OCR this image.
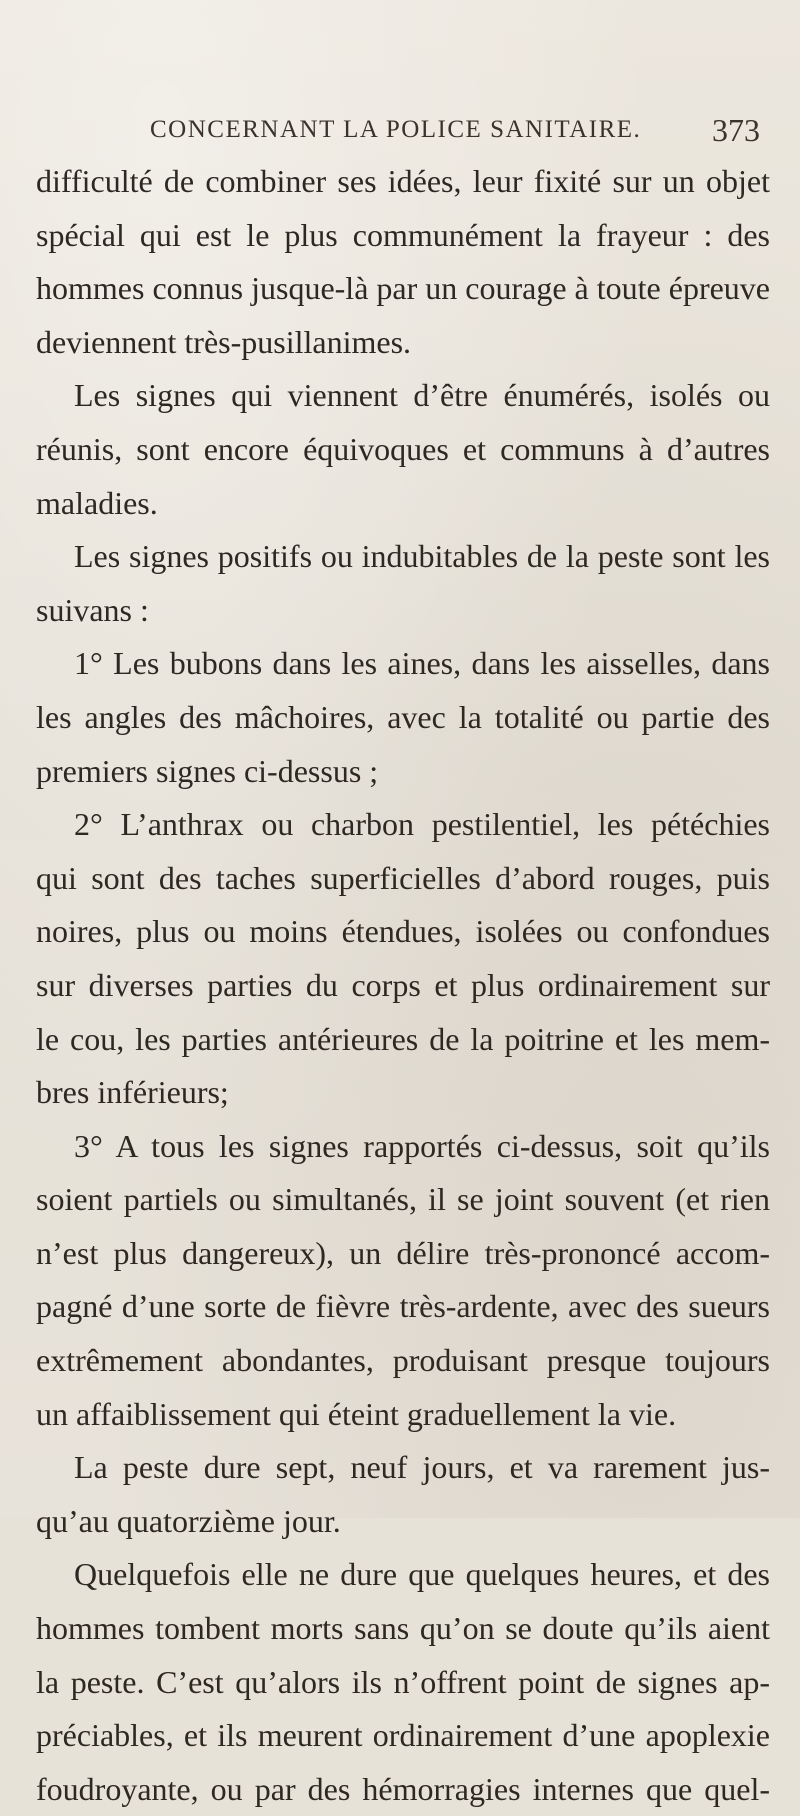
CONCERNANT LA POLICE SANITAIRE. 373
difficulté de combiner ses idées, leur fixité sur un objet
spécial qui est le plus communément la frayeur : des
hommes connus jusque-là par un courage à toute épreuve
deviennent très-pusillanimes.
Les signes qui viennent d’être énumérés, isolés ou
réunis, sont encore équivoques et communs à d’autres
maladies.
Les signes positifs ou indubitables de la peste sont les
suivans :
1° Les bubons dans les aines, dans les aisselles, dans
les angles des mâchoires, avec la totalité ou partie des
premiers signes ci-dessus ;
2° L’anthrax ou charbon pestilentiel, les pétéchies
qui sont des taches superficielles d’abord rouges, puis
noires, plus ou moins étendues, isolées ou confondues
sur diverses parties du corps et plus ordinairement sur
le cou, les parties antérieures de la poitrine et les mem-
bres inférieurs;
3° A tous les signes rapportés ci-dessus, soit qu’ils
soient partiels ou simultanés, il se joint souvent (et rien
n’est plus dangereux), un délire très-prononcé accom-
pagné d’une sorte de fièvre très-ardente, avec des sueurs
extrêmement abondantes, produisant presque toujours
un affaiblissement qui éteint graduellement la vie.
La peste dure sept, neuf jours, et va rarement jus-
qu’au quatorzième jour.
Quelquefois elle ne dure que quelques heures, et des
hommes tombent morts sans qu’on se doute qu’ils aient
la peste. C’est qu’alors ils n’offrent point de signes ap-
préciables, et ils meurent ordinairement d’une apoplexie
foudroyante, ou par des hémorragies internes que quel-
